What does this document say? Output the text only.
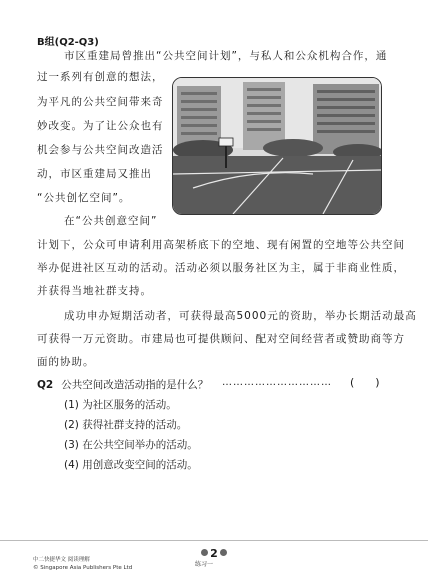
B组(Q2-Q3)
市区重建局曾推出“公共空间计划”，与私人和公众机构合作，通
过一系列有创意的想法，
为平凡的公共空间带来奇
妙改变。为了让公众也有
机会参与公共空间改造活
动，市区重建局又推出
“公共创忆空间”。
在“公共创意空间”
计划下，公众可申请利用高架桥底下的空地、现有闲置的空地等公共空间
举办促进社区互动的活动。活动必须以服务社区为主，属于非商业性质，
并获得当地社群支持。
成功申办短期活动者，可获得最高5000元的资助，举办长期活动最高
可获得一万元资助。市建局也可提供顾问、配对空间经营者或赞助商等方
面的协助。
Q2 公共空间改造活动指的是什么？ ………………………… (      )
(1) 为社区服务的活动。
(2) 获得社群支持的活动。
(3) 在公共空间举办的活动。
(4) 用创意改变空间的活动。
中二快捷华文 阅读理解
© Singapore Asia Publishers Pte Ltd
2
练习一
